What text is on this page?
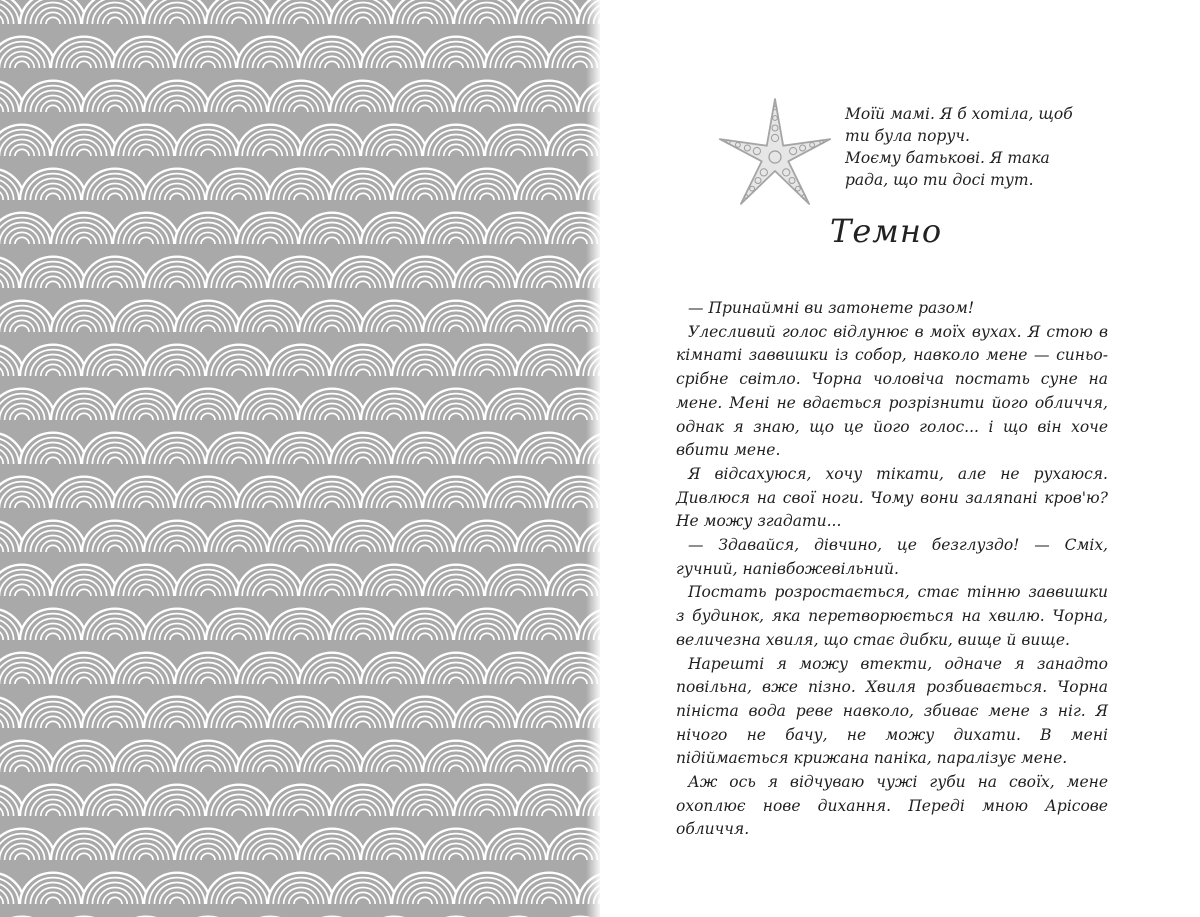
Моїй мамі. Я б хотіла, щоб ти була поруч.

Моєму батькові. Я така рада, що ти досі тут.

Темно

— Принаймні ви затонете разом!

Улесливий голос відлунює в моїх вухах. Я стою в кімнаті заввишки із собор, навколо мене — синьо-срібне світло. Чорна чоловіча постать суне на мене. Мені не вдається розрізнити його обличчя, однак я знаю, що це його голос... і що він хоче вбити мене.

Я відсахуюся, хочу тікати, але не рухаюся. Дивлюся на свої ноги. Чому вони заляпані кров'ю? Не можу згадати...

— Здавайся, дівчино, це безглуздо! — Сміх, гучний, напівбожевільний.

Постать розростається, стає тінню заввишки з будинок, яка перетворюється на хвилю. Чорна, величезна хвиля, що стає дибки, вище й вище.

Нарешті я можу втекти, одначе я занадто повільна, вже пізно. Хвиля розбивається. Чорна пініста вода реве навколо, збиває мене з ніг. Я нічого не бачу, не можу дихати. В мені підіймається крижана паніка, паралізує мене.

Аж ось я відчуваю чужі губи на своїх, мене охоплює нове дихання. Переді мною Арісове обличчя.
